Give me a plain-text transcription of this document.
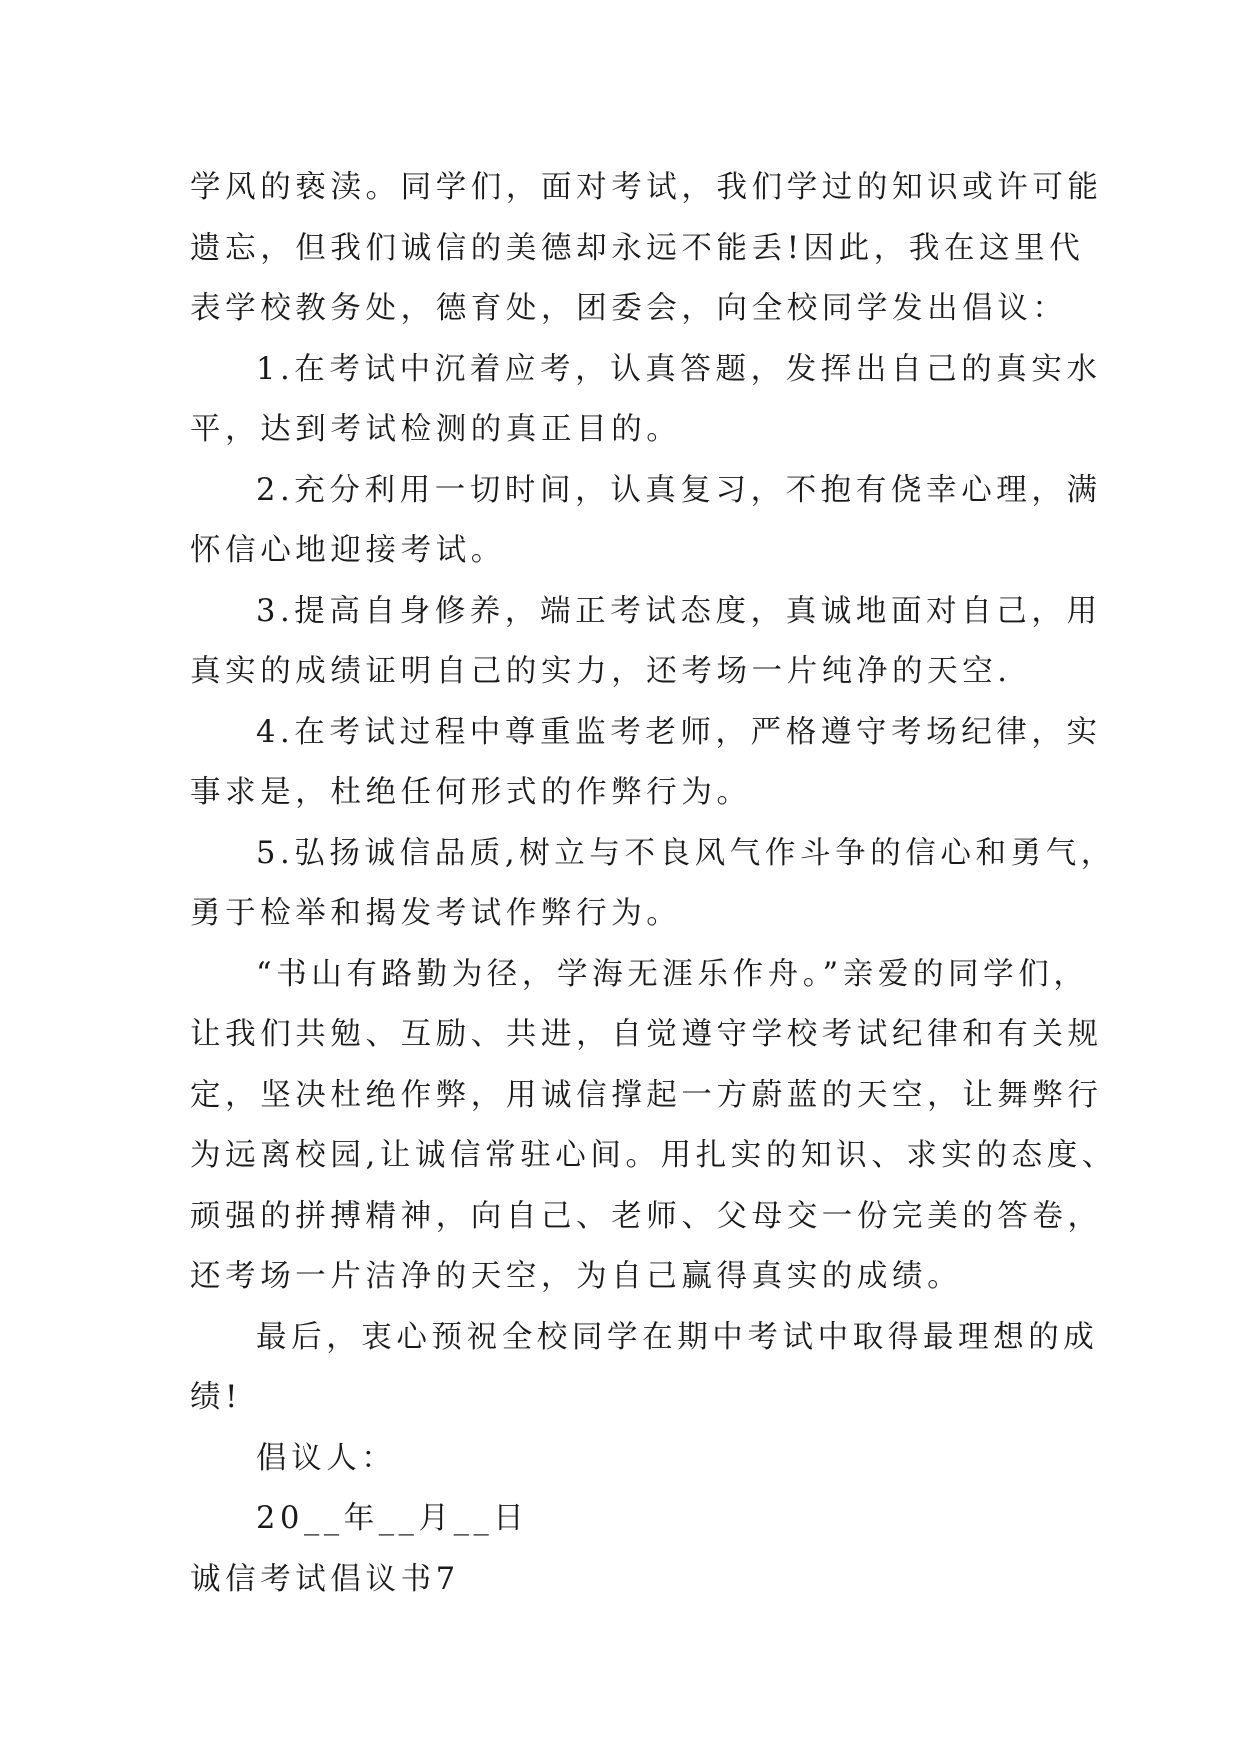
学风的亵渎。同学们，面对考试，我们学过的知识或许可能
遗忘，但我们诚信的美德却永远不能丢!因此，我在这里代
表学校教务处，德育处，团委会，向全校同学发出倡议：
1.在考试中沉着应考，认真答题，发挥出自己的真实水
平，达到考试检测的真正目的。
2.充分利用一切时间，认真复习，不抱有侥幸心理，满
怀信心地迎接考试。
3.提高自身修养，端正考试态度，真诚地面对自己，用
真实的成绩证明自己的实力，还考场一片纯净的天空.
4.在考试过程中尊重监考老师，严格遵守考场纪律，实
事求是，杜绝任何形式的作弊行为。
5.弘扬诚信品质,树立与不良风气作斗争的信心和勇气，
勇于检举和揭发考试作弊行为。
“书山有路勤为径，学海无涯乐作舟。”亲爱的同学们，
让我们共勉、互励、共进，自觉遵守学校考试纪律和有关规
定，坚决杜绝作弊，用诚信撑起一方蔚蓝的天空，让舞弊行
为远离校园,让诚信常驻心间。用扎实的知识、求实的态度、
顽强的拼搏精神，向自己、老师、父母交一份完美的答卷，
还考场一片洁净的天空，为自己赢得真实的成绩。
最后，衷心预祝全校同学在期中考试中取得最理想的成
绩!
倡议人：
20__年__月__日
诚信考试倡议书7
